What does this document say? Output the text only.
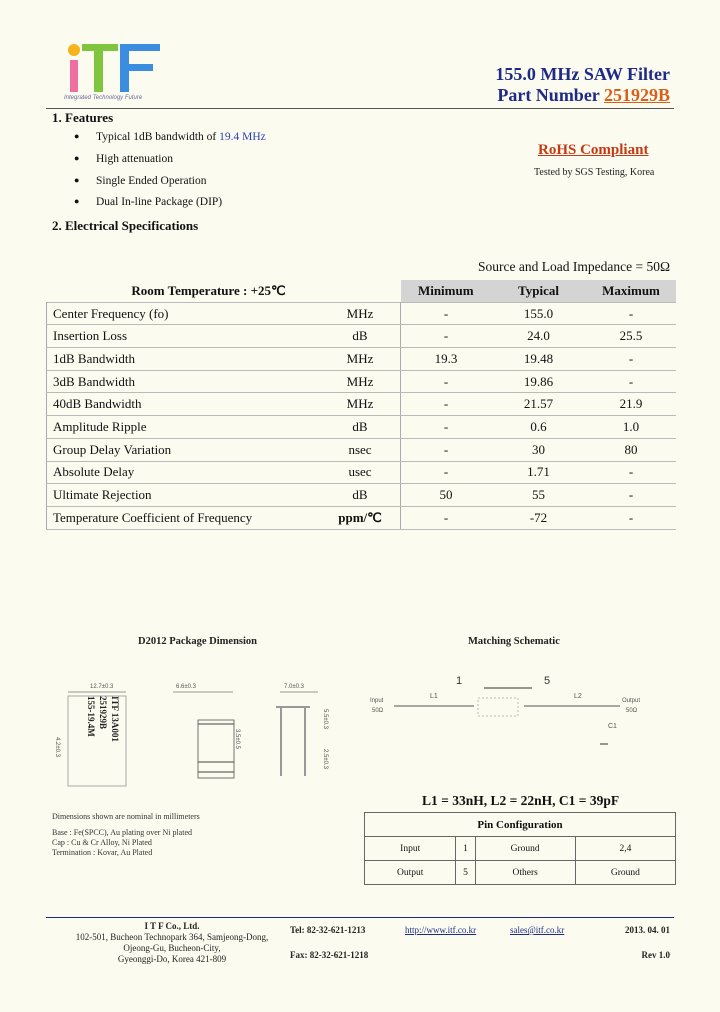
Integrated Technology Future
155.0 MHz SAW Filter
Part Number 251929B
1. Features
● Typical 1dB bandwidth of 19.4 MHz
● High attenuation
● Single Ended Operation
● Dual In-line Package (DIP)
RoHS Compliant
Tested by SGS Testing, Korea
2. Electrical Specifications
Source and Load Impedance = 50Ω
Room Temperature : +25℃		Minimum	Typical	Maximum
Center Frequency (fo)	MHz	-	155.0	-
Insertion Loss	dB	-	24.0	25.5
1dB Bandwidth	MHz	19.3	19.48	-
3dB Bandwidth	MHz	-	19.86	-
40dB Bandwidth	MHz	-	21.57	21.9
Amplitude Ripple	dB	-	0.6	1.0
Group Delay Variation	nsec	-	30	80
Absolute Delay	usec	-	1.71	-
Ultimate Rejection	dB	50	55	-
Temperature Coefficient of Frequency	ppm/℃	-	-72	-
D2012 Package Dimension
12.7±0.3
ITF 13A001
251929B
155-19.4M
4.2±0.3
6.6±0.3
3.5±0.5
7.0±0.3
5.5±0.3
2.5±0.3
Dimensions shown are nominal in millimeters
Base : Fe(SPCC), Au plating over Ni plated
Cap : Cu & Cr Alloy, Ni Plated
Termination : Kovar, Au Plated
Matching Schematic
1	5
Input
50Ω
L1	L2
Output
50Ω
C1
L1 = 33nH, L2 = 22nH, C1 = 39pF
Pin Configuration			
Input	1	Ground	2,4
Output	5	Others	Ground
I T F Co., Ltd.
102-501, Bucheon Technopark 364, Samjeong-Dong,
Ojeong-Gu, Bucheon-City,
Gyeonggi-Do, Korea 421-809
Tel: 82-32-621-1213
Fax: 82-32-621-1218
http://www.itf.co.kr	sales@itf.co.kr	2013. 04. 01
Rev 1.0
